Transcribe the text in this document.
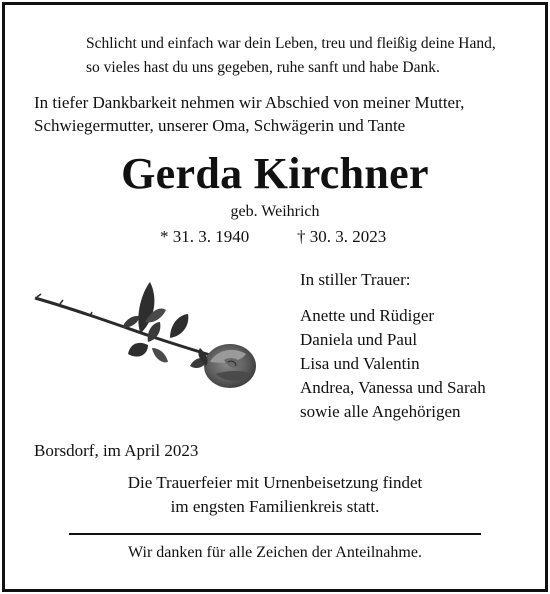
Schlicht und einfach war dein Leben, treu und fleißig deine Hand,
so vieles hast du uns gegeben, ruhe sanft und habe Dank.
In tiefer Dankbarkeit nehmen wir Abschied von meiner Mutter,
Schwiegermutter, unserer Oma, Schwägerin und Tante
Gerda Kirchner
geb. Weihrich
* 31. 3. 1940	† 30. 3. 2023
In stiller Trauer:
Anette und Rüdiger
Daniela und Paul
Lisa und Valentin
Andrea, Vanessa und Sarah
sowie alle Angehörigen
Borsdorf, im April 2023
Die Trauerfeier mit Urnenbeisetzung findet
im engsten Familienkreis statt.
Wir danken für alle Zeichen der Anteilnahme.
